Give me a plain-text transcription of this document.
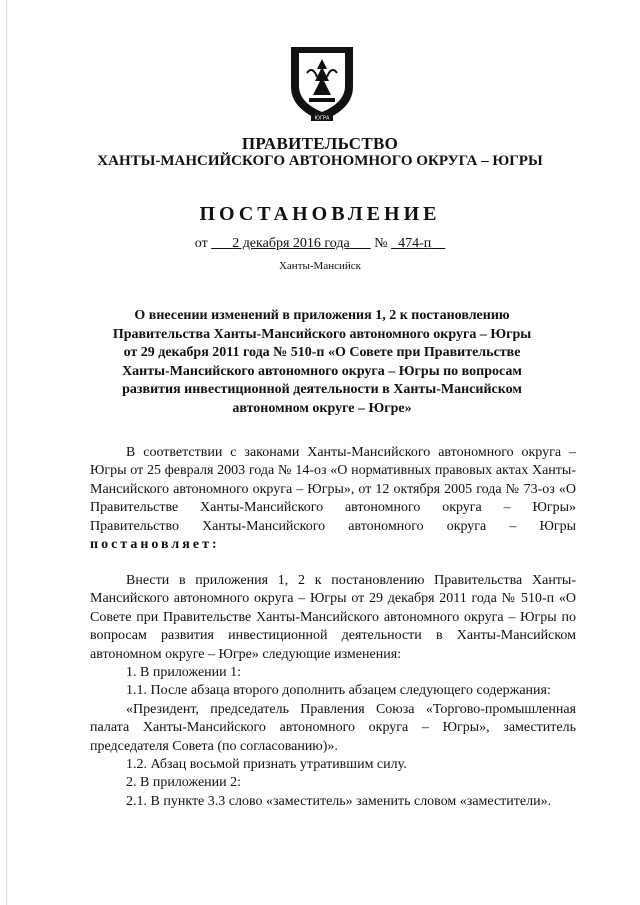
ЮГРА
ПРАВИТЕЛЬСТВО
ХАНТЫ-МАНСИЙСКОГО АВТОНОМНОГО ОКРУГА – ЮГРЫ
ПОСТАНОВЛЕНИЕ
от 2 декабря 2016 года № 474-п
Ханты-Мансийск
О внесении изменений в приложения 1, 2 к постановлению Правительства Ханты-Мансийского автономного округа – Югры от 29 декабря 2011 года № 510-п «О Совете при Правительстве Ханты-Мансийского автономного округа – Югры по вопросам развития инвестиционной деятельности в Ханты-Мансийском автономном округе – Югре»

В соответствии с законами Ханты-Мансийского автономного округа – Югры от 25 февраля 2003 года № 14-оз «О нормативных правовых актах Ханты-Мансийского автономного округа – Югры», от 12 октября 2005 года № 73-оз «О Правительстве Ханты-Мансийского автономного округа – Югры» Правительство Ханты-Мансийского автономного округа – Югры постановляет:

Внести в приложения 1, 2 к постановлению Правительства Ханты-Мансийского автономного округа – Югры от 29 декабря 2011 года № 510-п «О Совете при Правительстве Ханты-Мансийского автономного округа – Югры по вопросам развития инвестиционной деятельности в Ханты-Мансийском автономном округе – Югре» следующие изменения:

1. В приложении 1:

1.1. После абзаца второго дополнить абзацем следующего содержания:

«Президент, председатель Правления Союза «Торгово-промышленная палата Ханты-Мансийского автономного округа – Югры», заместитель председателя Совета (по согласованию)».

1.2. Абзац восьмой признать утратившим силу.

2. В приложении 2:

2.1. В пункте 3.3 слово «заместитель» заменить словом «заместители».
